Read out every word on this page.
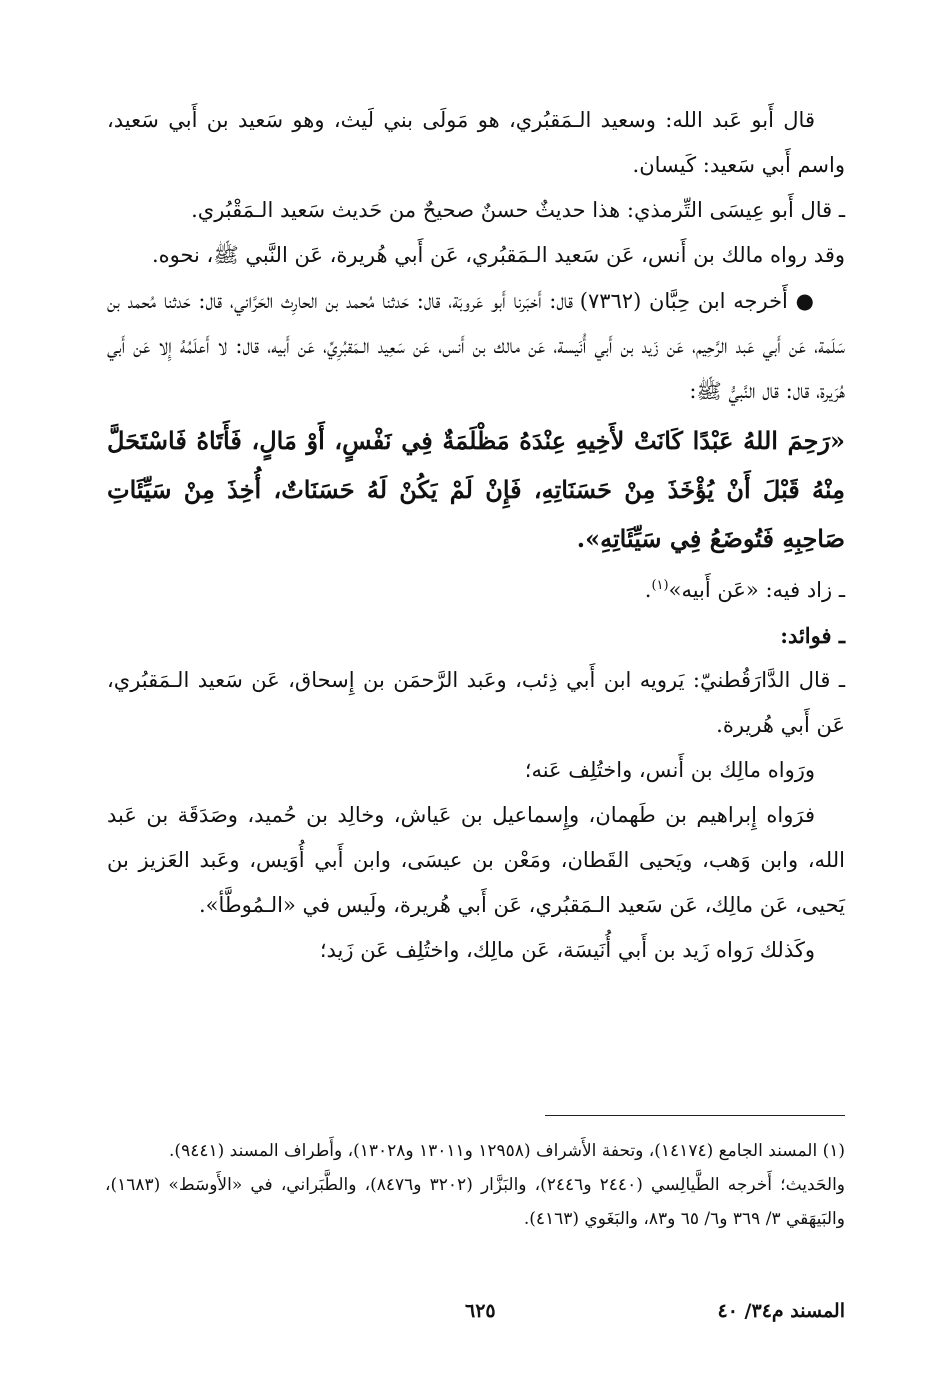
قال أَبو عَبد الله: وسعيد الـمَقبُري، هو مَولَى بني لَيث، وهو سَعيد بن أَبي سَعيد، واسم أَبي سَعيد: كَيسان.

ـ قال أَبو عِيسَى التِّرمذي: هذا حديثٌ حسنٌ صحيحٌ من حَديث سَعيد الـمَقْبُري.

وقد رواه مالك بن أَنس، عَن سَعيد الـمَقبُري، عَن أَبي هُريرة، عَن النَّبي ﷺ، نحوه.

● أَخرجه ابن حِبَّان (٧٣٦٢) قال: أَخبَرنا أَبو عَروبَة، قال: حَدثنا مُحمد بن الحارِث الحَرَّاني، قال: حَدثنا مُحمد بن سَلَمة، عَن أَبي عَبد الرَّحِيم، عَن زَيد بن أَبي أُنَيسة، عَن مالك بن أَنس، عَن سَعِيد الـمَقبُرِيِّ، عَن أَبيه، قال: لا أَعلَمُهُ إِلا عَن أَبي هُرَيرة، قال: قال النَّبيُّ ﷺ:

«رَحِمَ اللهُ عَبْدًا كَانَتْ لأَخِيهِ عِنْدَهُ مَظْلَمَةٌ فِي نَفْسٍ، أَوْ مَالٍ، فَأَتَاهُ فَاسْتَحَلَّ مِنْهُ قَبْلَ أَنْ يُؤْخَذَ مِنْ حَسَنَاتِهِ، فَإِنْ لَمْ يَكُنْ لَهُ حَسَنَاتٌ، أُخِذَ مِنْ سَيِّئَاتِ صَاحِبِهِ فَتُوضَعُ فِي سَيِّئَاتِهِ».

ـ زاد فيه: «عَن أَبيه»$^{(١)}$.

ـ فوائد:

ـ قال الدَّارَقُطنيّ: يَرويه ابن أَبي ذِئب، وعَبد الرَّحمَن بن إِسحاق، عَن سَعيد الـمَقبُري، عَن أَبي هُريرة.

ورَواه مالِك بن أَنس، واختُلِف عَنه؛

فرَواه إِبراهيم بن طَهمان، وإِسماعيل بن عَياش، وخالِد بن حُميد، وصَدَقَة بن عَبد الله، وابن وَهب، ويَحيى القَطان، ومَعْن بن عيسَى، وابن أَبي أُوَيس، وعَبد العَزيز بن يَحيى، عَن مالِك، عَن سَعيد الـمَقبُري، عَن أَبي هُريرة، ولَيس في «الـمُوطَّأ».

وكَذلك رَواه زَيد بن أَبي أُنَيسَة، عَن مالِك، واختُلِف عَن زَيد؛

(١) المسند الجامع (١٤١٧٤)، وتحفة الأَشراف (١٢٩٥٨ و١٣٠١١ و١٣٠٢٨)، وأَطراف المسند (٩٤٤١).

والحَديث؛ أَخرجه الطَّيالِسي (٢٤٤٠ و٢٤٤٦)، والبَزَّار (٣٢٠٢ و٨٤٧٦)، والطَّبَراني، في «الأَوسَط» (١٦٨٣)، والبَيهَقي ٣/ ٣٦٩ و٦/ ٦٥ و٨٣، والبَغَوي (٤١٦٣).

المسند م٣٤/ ٤٠
٦٢٥
